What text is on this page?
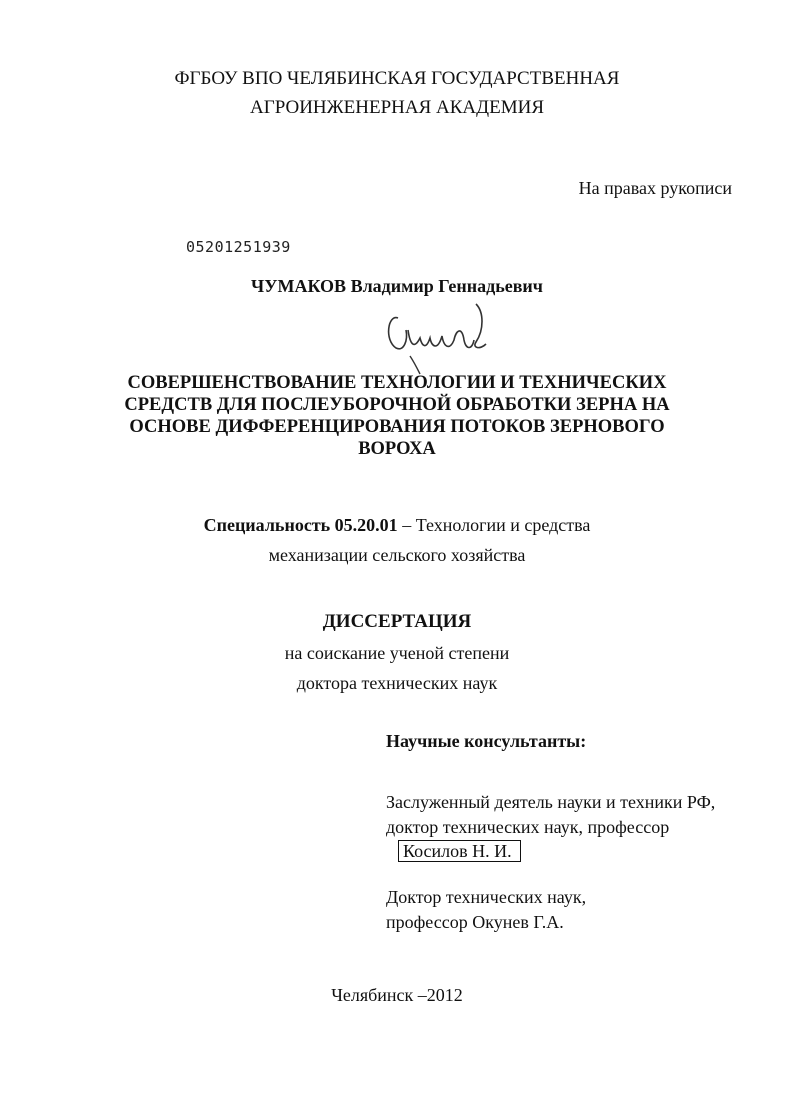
ФГБОУ ВПО ЧЕЛЯБИНСКАЯ ГОСУДАРСТВЕННАЯ
АГРОИНЖЕНЕРНАЯ АКАДЕМИЯ
На правах рукописи
05201251939
ЧУМАКОВ Владимир Геннадьевич
СОВЕРШЕНСТВОВАНИЕ ТЕХНОЛОГИИ И ТЕХНИЧЕСКИХ
СРЕДСТВ ДЛЯ ПОСЛЕУБОРОЧНОЙ ОБРАБОТКИ ЗЕРНА НА
ОСНОВЕ ДИФФЕРЕНЦИРОВАНИЯ ПОТОКОВ ЗЕРНОВОГО
ВОРОХА
Специальность 05.20.01 – Технологии и средства
механизации сельского хозяйства
ДИССЕРТАЦИЯ
на соискание ученой степени
доктора технических наук
Научные консультанты:
Заслуженный деятель науки и техники РФ,
доктор технических наук, профессор
Косилов Н. И.
Доктор технических наук,
профессор Окунев Г.А.
Челябинск –2012
